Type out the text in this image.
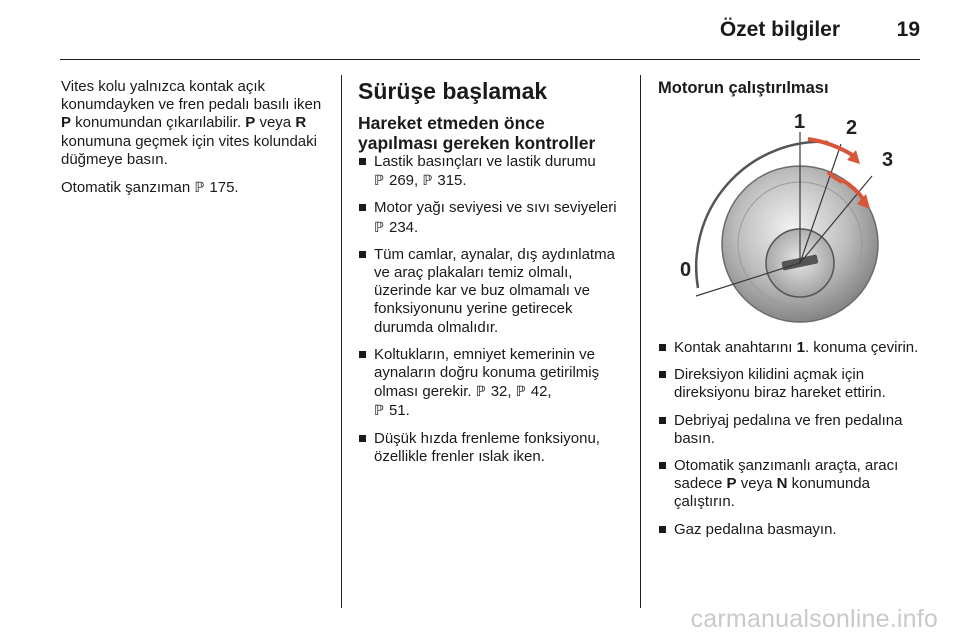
Özet bilgiler	19

Vites kolu yalnızca kontak açık konumdayken ve fren pedalı basılı iken P konumundan çıkarılabilir. P veya R konumuna geçmek için vites kolundaki düğmeye basın.

Otomatik şanzıman ℙ 175.

Sürüşe başlamak
Hareket etmeden önce yapılması gereken kontroller
Lastik basınçları ve lastik durumu
ℙ 269, ℙ 315.
Motor yağı seviyesi ve sıvı seviyeleri ℙ 234.
Tüm camlar, aynalar, dış aydınlatma ve araç plakaları temiz olmalı, üzerinde kar ve buz olmamalı ve fonksiyonunu yerine getirecek durumda olmalıdır.
Koltukların, emniyet kemerinin ve aynaların doğru konuma getirilmiş olması gerekir. ℙ 32, ℙ 42,
ℙ 51.
Düşük hızda frenleme fonksiyonu, özellikle frenler ıslak iken.
Motorun çalıştırılması
0
1 2
3
Kontak anahtarını 1. konuma çevirin.
Direksiyon kilidini açmak için direksiyonu biraz hareket ettirin.
Debriyaj pedalına ve fren pedalına basın.
Otomatik şanzımanlı araçta, aracı sadece P veya N konumunda çalıştırın.
Gaz pedalına basmayın.
carmanualsonline.info
